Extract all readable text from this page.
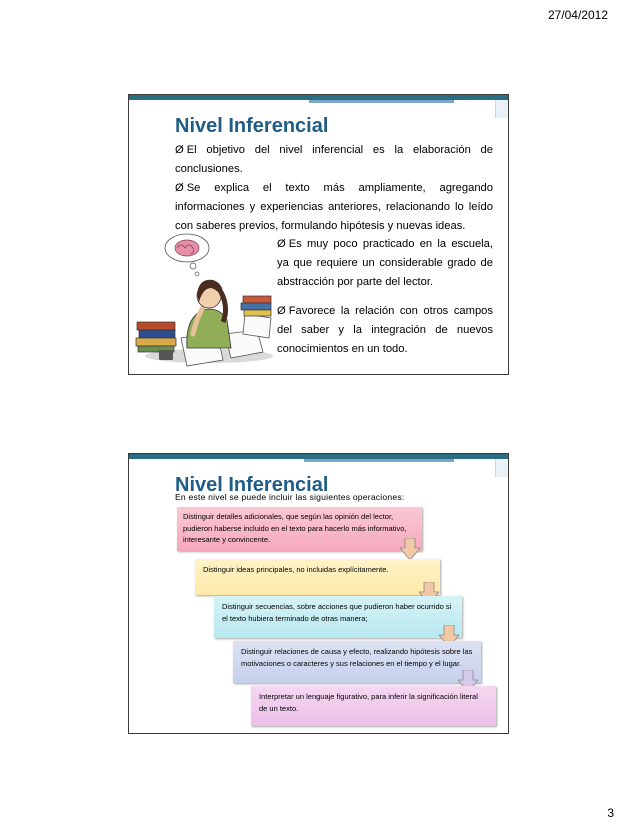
27/04/2012
Nivel Inferencial

Ø El objetivo del nivel inferencial es la elaboración de conclusiones.

Ø Se explica el texto más ampliamente, agregando informaciones y experiencias anteriores, relacionando lo leído con saberes previos, formulando hipótesis y nuevas ideas.

Ø Es muy poco practicado en la escuela, ya que requiere un considerable grado de abstracción por parte del lector.

Ø Favorece la relación con otros campos del saber y la integración de nuevos conocimientos en un todo.

Nivel Inferencial
En este nivel se puede incluir las siguientes operaciones:
Distinguir detalles adicionales, que según las opinión del lector, pudieron haberse incluido en el texto para hacerlo más informativo, interesante y convincente.
Distinguir ideas principales, no incluidas explícitamente.
Distinguir secuencias, sobre acciones que pudieron haber ocurrido si el texto hubiera terminado de otras manera;
Distinguir relaciones de causa y efecto, realizando hipótesis sobre las motivaciones o caracteres y sus relaciones en el tiempo y el lugar.
Interpretar un lenguaje figurativo, para inferir la significación literal de un texto.
3
